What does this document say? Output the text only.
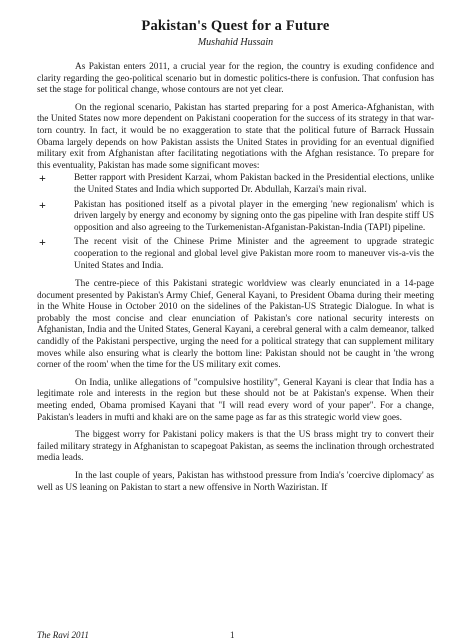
Pakistan's Quest for a Future
Mushahid Hussain

As Pakistan enters 2011, a crucial year for the region, the country is exuding confidence and clarity regarding the geo-political scenario but in domestic politics-there is confusion. That confusion has set the stage for political change, whose contours are not yet clear.

On the regional scenario, Pakistan has started preparing for a post America-Afghanistan, with the United States now more dependent on Pakistani cooperation for the success of its strategy in that war-torn country. In fact, it would be no exaggeration to state that the political future of Barrack Hussain Obama largely depends on how Pakistan assists the United States in providing for an eventual dignified military exit from Afghanistan after facilitating negotiations with the Afghan resistance. To prepare for this eventuality, Pakistan has made some significant moves:

+	Better rapport with President Karzai, whom Pakistan backed in the Presidential elections, unlike the United States and India which supported Dr. Abdullah, Karzai's main rival.
+	Pakistan has positioned itself as a pivotal player in the emerging 'new regionalism' which is driven largely by energy and economy by signing onto the gas pipeline with Iran despite stiff US opposition and also agreeing to the Turkemenistan-Afganistan-Pakistan-India (TAPI) pipeline.
+	The recent visit of the Chinese Prime Minister and the agreement to upgrade strategic cooperation to the regional and global level give Pakistan more room to maneuver vis-a-vis the United States and India.

The centre-piece of this Pakistani strategic worldview was clearly enunciated in a 14-page document presented by Pakistan's Army Chief, General Kayani, to President Obama during their meeting in the White House in October 2010 on the sidelines of the Pakistan-US Strategic Dialogue. In what is probably the most concise and clear enunciation of Pakistan's core national security interests on Afghanistan, India and the United States, General Kayani, a cerebral general with a calm demeanor, talked candidly of the Pakistani perspective, urging the need for a political strategy that can supplement military moves while also ensuring what is clearly the bottom line: Pakistan should not be caught in 'the wrong corner of the room' when the time for the US military exit comes.

On India, unlike allegations of "compulsive hostility", General Kayani is clear that India has a legitimate role and interests in the region but these should not be at Pakistan's expense. When their meeting ended, Obama promised Kayani that "I will read every word of your paper". For a change, Pakistan's leaders in mufti and khaki are on the same page as far as this strategic world view goes.

The biggest worry for Pakistani policy makers is that the US brass might try to convert their failed military strategy in Afghanistan to scapegoat Pakistan, as seems the inclination through orchestrated media leads.

In the last couple of years, Pakistan has withstood pressure from India's 'coercive diplomacy' as well as US leaning on Pakistan to start a new offensive in North Waziristan. If

The Ravi 2011	1
